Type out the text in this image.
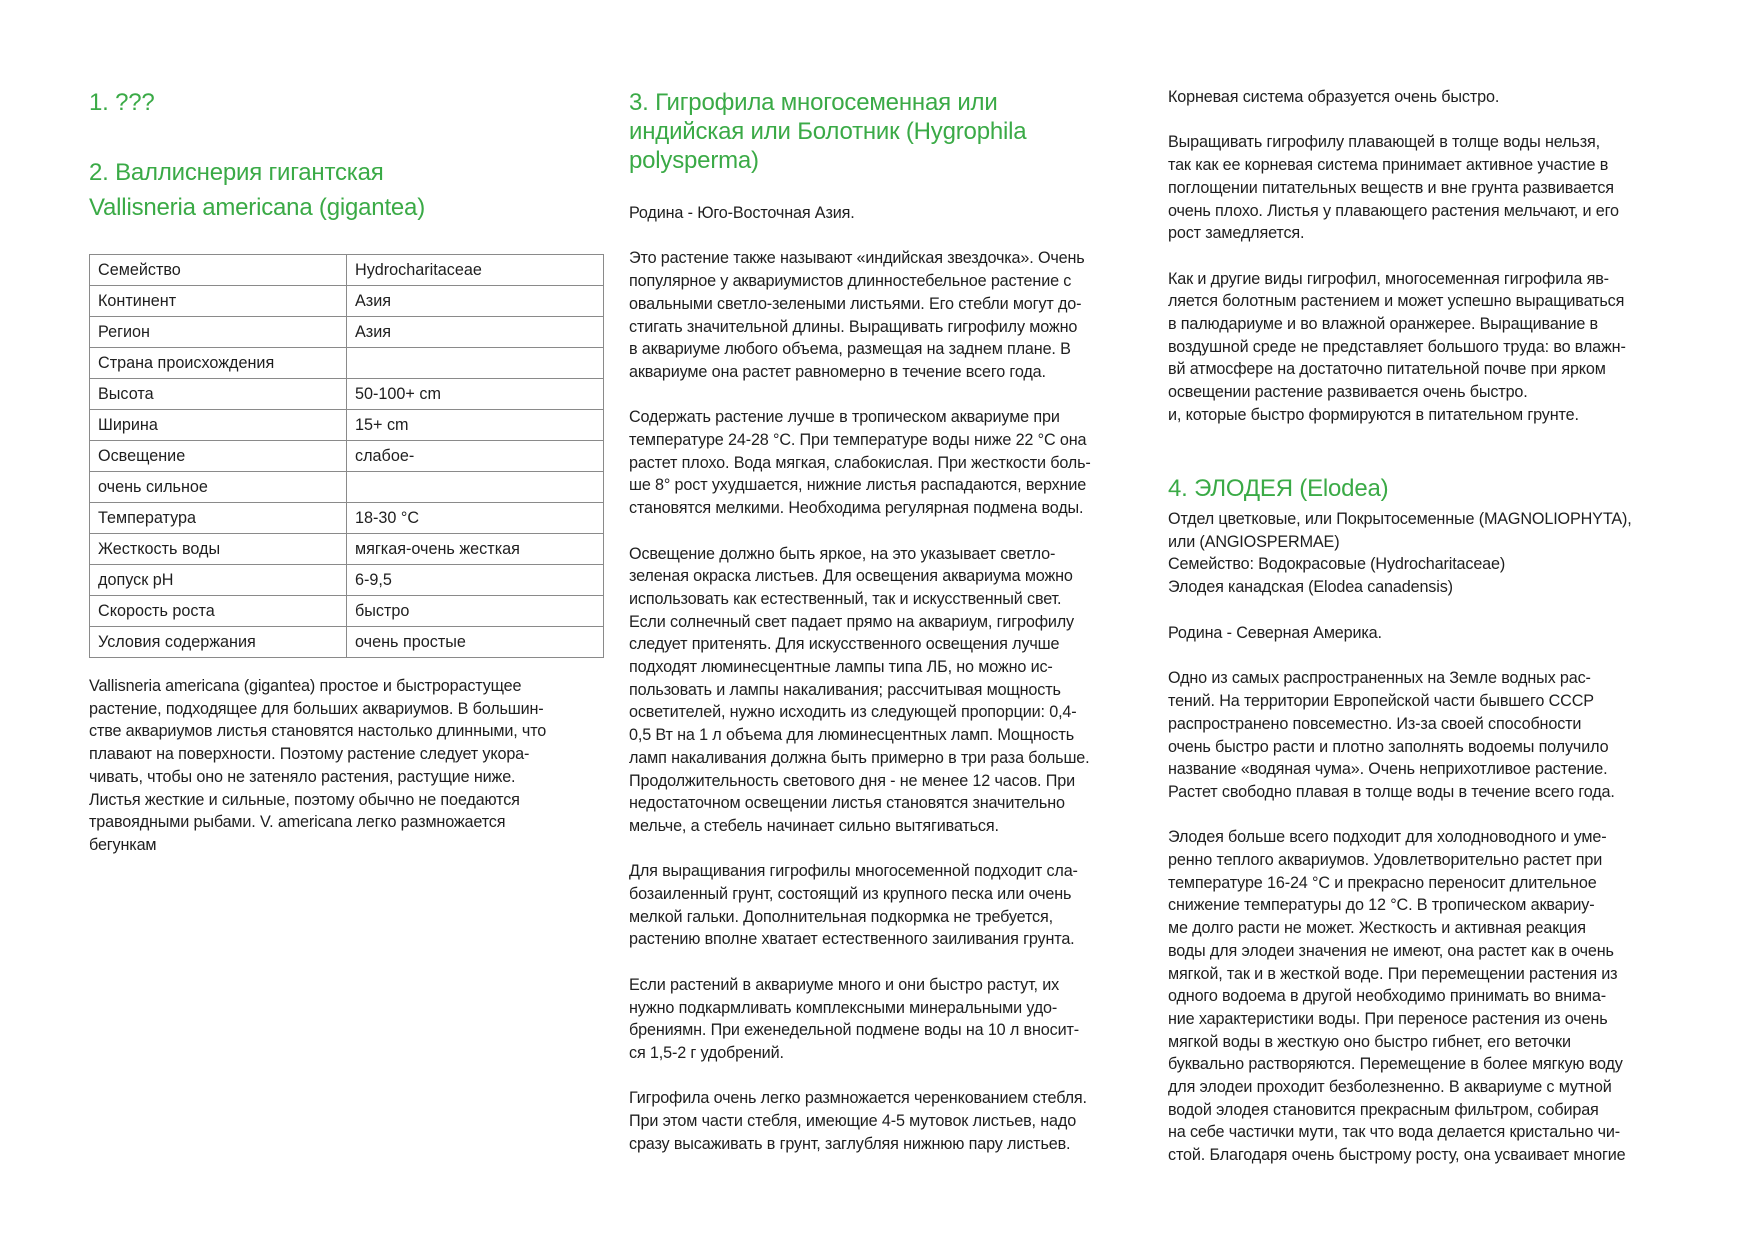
1. ???
2. Валлиснерия гигантская
Vallisneria americana (gigantea)
Семейство	Hydrocharitaceae
Континент	Азия
Регион	Азия
Страна происхождения	
Высота	50-100+ cm
Ширина	15+ cm
Освещение	слабое-
очень сильное	
Температура	18-30 °C
Жесткость воды	мягкая-очень жесткая
допуск pH	6-9,5
Скорость роста	быстро
Условия содержания	очень простые
Vallisneria americana (gigantea) простое и быстрорастущее
растение, подходящее для больших аквариумов. В большин-
стве аквариумов листья становятся настолько длинными, что
плавают на поверхности. Поэтому растение следует укора-
чивать, чтобы оно не затеняло растения, растущие ниже.
Листья жесткие и сильные, поэтому обычно не поедаются
травоядными рыбами. V. americana легко размножается
бегункам
3. Гигрофила многосеменная или
индийская или Болотник (Hygrophila
polysperma)
Родина - Юго-Восточная Азия.
Это растение также называют «индийская звездочка». Очень
популярное у аквариумистов длинностебельное растение с
овальными светло-зелеными листьями. Его стебли могут до-
стигать значительной длины. Выращивать гигрофилу можно
в аквариуме любого объема, размещая на заднем плане. В
аквариуме она растет равномерно в течение всего года.
Содержать растение лучше в тропическом аквариуме при
температуре 24-28 °С. При температуре воды ниже 22 °С она
растет плохо. Вода мягкая, слабокислая. При жесткости боль-
ше 8° рост ухудшается, нижние листья распадаются, верхние
становятся мелкими. Необходима регулярная подмена воды.
Освещение должно быть яркое, на это указывает светло-
зеленая окраска листьев. Для освещения аквариума можно
использовать как естественный, так и искусственный свет.
Если солнечный свет падает прямо на аквариум, гигрофилу
следует притенять. Для искусственного освещения лучше
подходят люминесцентные лампы типа ЛБ, но можно ис-
пользовать и лампы накаливания; рассчитывая мощность
осветителей, нужно исходить из следующей пропорции: 0,4-
0,5 Вт на 1 л объема для люминесцентных ламп. Мощность
ламп накаливания должна быть примерно в три раза больше.
Продолжительность светового дня - не менее 12 часов. При
недостаточном освещении листья становятся значительно
мельче, а стебель начинает сильно вытягиваться.
Для выращивания гигрофилы многосеменной подходит сла-
бозаиленный грунт, состоящий из крупного песка или очень
мелкой гальки. Дополнительная подкормка не требуется,
растению вполне хватает естественного заиливания грунта.
Если растений в аквариуме много и они быстро растут, их
нужно подкармливать комплексными минеральными удо-
брениямн. При еженедельной подмене воды на 10 л вносит-
ся 1,5-2 г удобрений.
Гигрофила очень легко размножается черенкованием стебля.
При этом части стебля, имеющие 4-5 мутовок листьев, надо
сразу высаживать в грунт, заглубляя нижнюю пару листьев.
Корневая система образуется очень быстро.
Выращивать гигрофилу плавающей в толще воды нельзя,
так как ее корневая система принимает активное участие в
поглощении питательных веществ и вне грунта развивается
очень плохо. Листья у плавающего растения мельчают, и его
рост замедляется.
Как и другие виды гигрофил, многосеменная гигрофила яв-
ляется болотным растением и может успешно выращиваться
в палюдариуме и во влажной оранжерее. Выращивание в
воздушной среде не представляет большого труда: во влажн-
вй атмосфере на достаточно питательной почве при ярком
освещении растение развивается очень быстро.
и, которые быстро формируются в питательном грунте.
4. ЭЛОДЕЯ (Elodea)
Отдел цветковые, или Покрытосеменные (MAGNOLIOPHYTA),
или (ANGIOSPERMAE)
Семейство: Водокрасовые (Hydrocharitaceae)
Элодея канадская (Elodea canadensis)
Родина - Северная Америка.
Одно из самых распространенных на Земле водных рас-
тений. На территории Европейской части бывшего СССР
распространено повсеместно. Из-за своей способности
очень быстро расти и плотно заполнять водоемы получило
название «водяная чума». Очень неприхотливое растение.
Растет свободно плавая в толще воды в течение всего года.
Элодея больше всего подходит для холодноводного и уме-
ренно теплого аквариумов. Удовлетворительно растет при
температуре 16-24 °С и прекрасно переносит длительное
снижение температуры до 12 °С. В тропическом аквариу-
ме долго расти не может. Жесткость и активная реакция
воды для элодеи значения не имеют, она растет как в очень
мягкой, так и в жесткой воде. При перемещении растения из
одного водоема в другой необходимо принимать во внима-
ние характеристики воды. При переносе растения из очень
мягкой воды в жесткую оно быстро гибнет, его веточки
буквально растворяются. Перемещение в более мягкую воду
для элодеи проходит безболезненно. В аквариуме с мутной
водой элодея становится прекрасным фильтром, собирая
на себе частички мути, так что вода делается кристально чи-
стой. Благодаря очень быстрому росту, она усваивает многие
